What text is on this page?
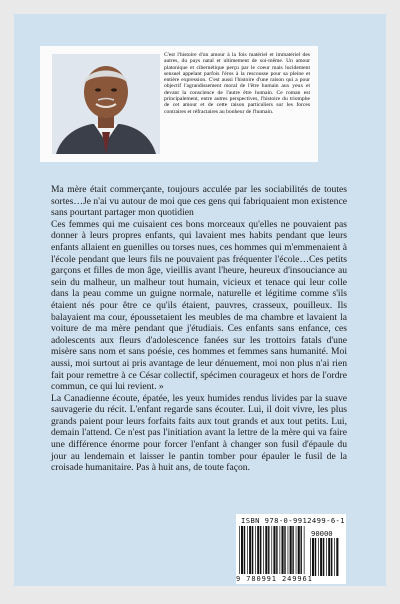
C'est l'histoire d'un amour à la fois matériel et immatériel des autres, du pays natal et ultimement de soi-même. Un amour platonique et cibernétique perçu par le coeur mais lucidement sensuel appelant parfois l'éros à la rescousse pour sa pleine et entière expression. C'est aussi l'histoire d'une raison qui a pour objectif l'agrandissement moral de l'être humain aux yeux et devant la conscience de l'autre être humain. Ce roman est principalement, entre autres perspectives, l'histoire du triomphe de cet amour et de cette raison particuliers sur les forces contraires et réfractaires au bonheur de l'humain.

Ma mère était commerçante, toujours acculée par les sociabilités de toutes sortes…Je n'ai vu autour de moi que ces gens qui fabriquaient mon existence sans pourtant partager mon quotidien

Ces femmes qui me cuisaient ces bons morceaux qu'elles ne pouvaient pas donner à leurs propres enfants, qui lavaient mes habits pendant que leurs enfants allaient en guenilles ou torses nues, ces hommes qui m'emmenaient à l'école pendant que leurs fils ne pouvaient pas fréquenter l'école…Ces petits garçons et filles de mon âge, vieillis avant l'heure, heureux d'insouciance au sein du malheur, un malheur tout humain, vicieux et tenace qui leur colle dans la peau comme un guigne normale, naturelle et légitime comme s'ils étaient nés pour être ce qu'ils étaient, pauvres, crasseux, pouilleux. Ils balayaient ma cour, époussetaient les meubles de ma chambre et lavaient la voiture de ma mère pendant que j'étudiais. Ces enfants sans enfance, ces adolescents aux fleurs d'adolescence fanées sur les trottoirs fatals d'une misère sans nom et sans poésie, ces hommes et femmes sans humanité. Moi aussi, moi surtout ai pris avantage de leur dénuement, moi non plus n'ai rien fait pour remettre à ce César collectif, spécimen courageux et hors de l'ordre commun, ce qui lui revient. »

La Canadienne écoute, épatée, les yeux humides rendus livides par la suave sauvagerie du récit. L'enfant regarde sans écouter. Lui, il doit vivre, les plus grands paient pour leurs forfaits faits aux tout grands et aux tout petits. Lui, demain l'attend. Ce n'est pas l'initiation avant la lettre de la mère qui va faire une différence énorme pour forcer l'enfant à changer son fusil d'épaule du jour au lendemain et laisser le pantin tomber pour épauler le fusil de la croisade humanitaire. Pas à huit ans, de toute façon.

ISBN 978-0-9912499-6-1
90000
9 780991 249961
